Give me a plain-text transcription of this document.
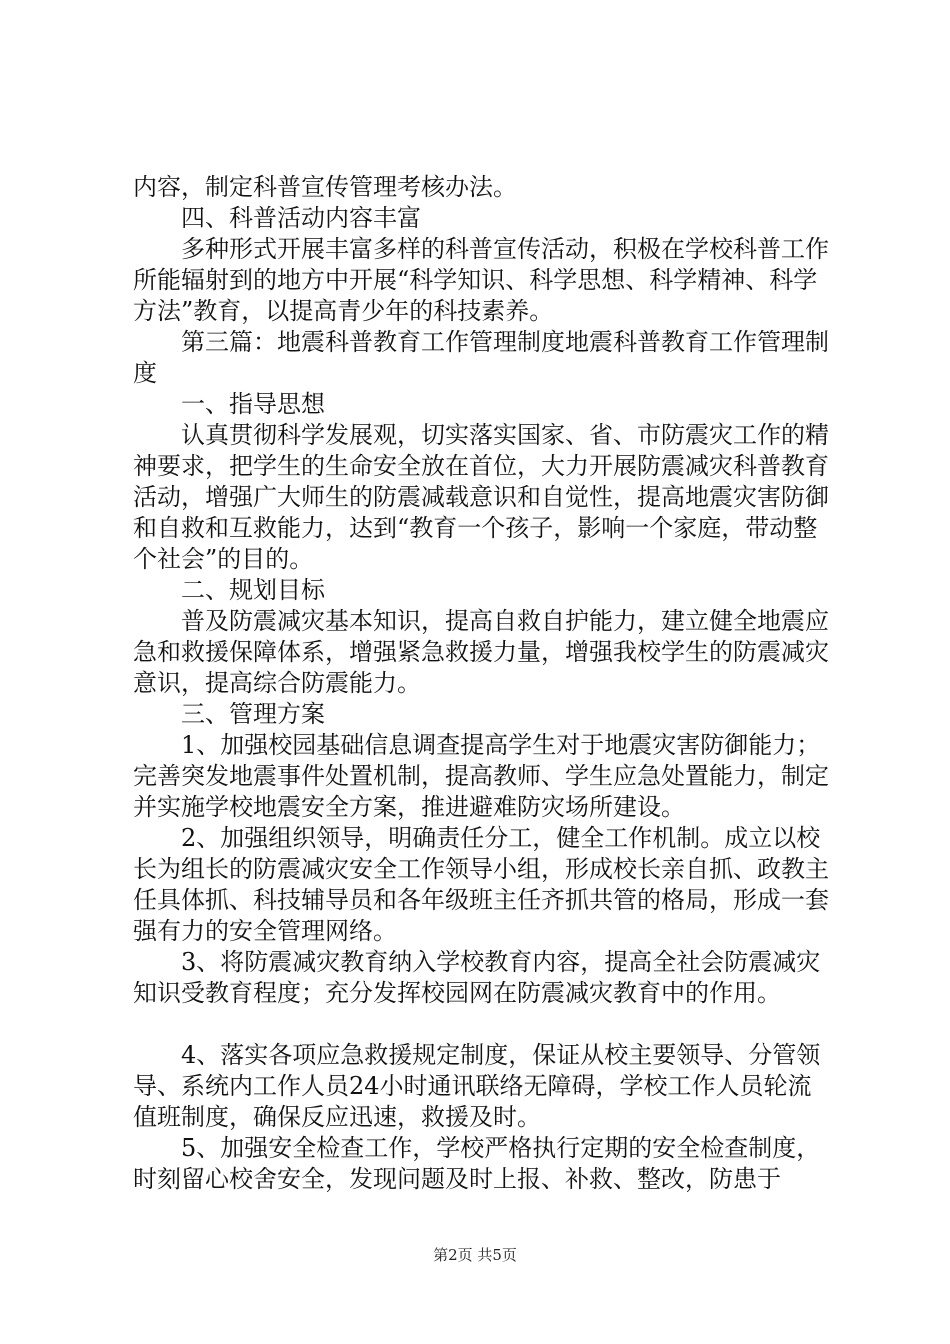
内容，制定科普宣传管理考核办法。

四、科普活动内容丰富

多种形式开展丰富多样的科普宣传活动，积极在学校科普工作所能辐射到的地方中开展“科学知识、科学思想、科学精神、科学方法”教育，以提高青少年的科技素养。

第三篇：地震科普教育工作管理制度地震科普教育工作管理制度

一、指导思想

认真贯彻科学发展观，切实落实国家、省、市防震灾工作的精神要求，把学生的生命安全放在首位，大力开展防震减灾科普教育活动，增强广大师生的防震减载意识和自觉性，提高地震灾害防御和自救和互救能力，达到“教育一个孩子，影响一个家庭，带动整个社会”的目的。

二、规划目标

普及防震减灾基本知识，提高自救自护能力，建立健全地震应急和救援保障体系，增强紧急救援力量，增强我校学生的防震减灾意识，提高综合防震能力。

三、管理方案

1、加强校园基础信息调查提高学生对于地震灾害防御能力；完善突发地震事件处置机制，提高教师、学生应急处置能力，制定并实施学校地震安全方案，推进避难防灾场所建设。

2、加强组织领导，明确责任分工，健全工作机制。成立以校长为组长的防震减灾安全工作领导小组，形成校长亲自抓、政教主任具体抓、科技辅导员和各年级班主任齐抓共管的格局，形成一套强有力的安全管理网络。

3、将防震减灾教育纳入学校教育内容，提高全社会防震减灾知识受教育程度；充分发挥校园网在防震减灾教育中的作用。

4、落实各项应急救援规定制度，保证从校主要领导、分管领导、系统内工作人员24小时通讯联络无障碍，学校工作人员轮流值班制度，确保反应迅速，救援及时。

5、加强安全检查工作，学校严格执行定期的安全检查制度，时刻留心校舍安全，发现问题及时上报、补救、整改，防患于

第2页 共5页
